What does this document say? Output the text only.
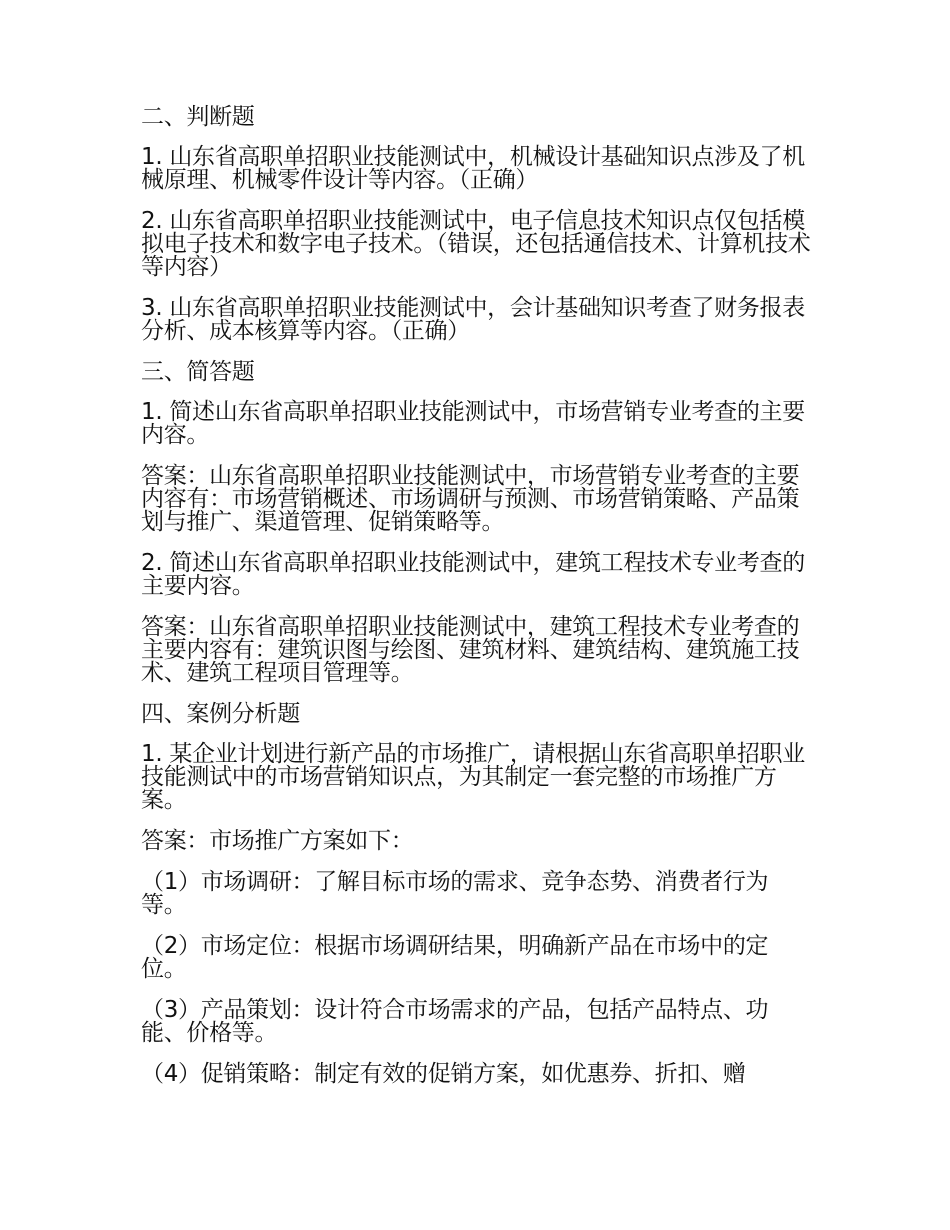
二、判断题

1. 山东省高职单招职业技能测试中，机械设计基础知识点涉及了机械原理、机械零件设计等内容。（正确）

2. 山东省高职单招职业技能测试中，电子信息技术知识点仅包括模拟电子技术和数字电子技术。（错误，还包括通信技术、计算机技术等内容）

3. 山东省高职单招职业技能测试中，会计基础知识考查了财务报表分析、成本核算等内容。（正确）

三、简答题

1. 简述山东省高职单招职业技能测试中，市场营销专业考查的主要内容。

答案：山东省高职单招职业技能测试中，市场营销专业考查的主要内容有：市场营销概述、市场调研与预测、市场营销策略、产品策划与推广、渠道管理、促销策略等。

2. 简述山东省高职单招职业技能测试中，建筑工程技术专业考查的主要内容。

答案：山东省高职单招职业技能测试中，建筑工程技术专业考查的主要内容有：建筑识图与绘图、建筑材料、建筑结构、建筑施工技术、建筑工程项目管理等。

四、案例分析题

1. 某企业计划进行新产品的市场推广，请根据山东省高职单招职业技能测试中的市场营销知识点，为其制定一套完整的市场推广方案。

答案：市场推广方案如下：

（1）市场调研：了解目标市场的需求、竞争态势、消费者行为等。

（2）市场定位：根据市场调研结果，明确新产品在市场中的定位。

（3）产品策划：设计符合市场需求的产品，包括产品特点、功能、价格等。

（4）促销策略：制定有效的促销方案，如优惠券、折扣、赠
